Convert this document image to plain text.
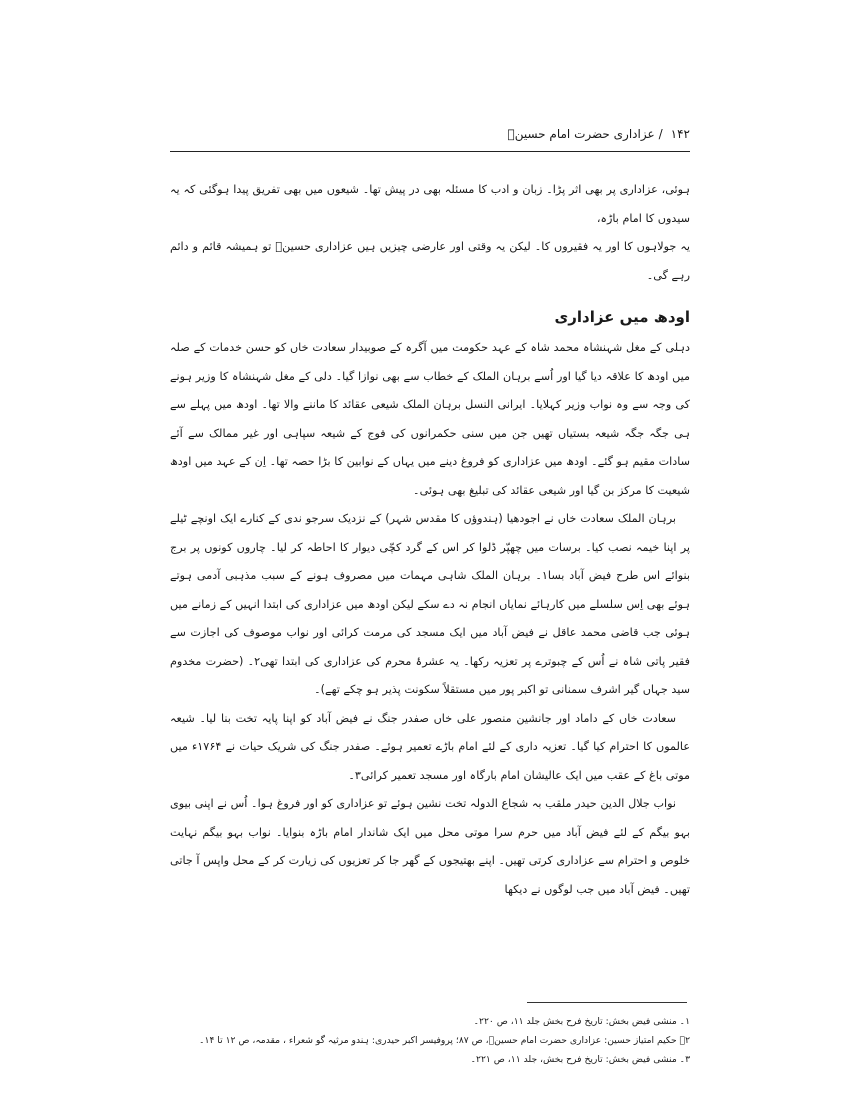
۱۴۲/عزاداری حضرت امام حسینؑ

ہوئی، عزاداری پر بھی اثر پڑا۔ زبان و ادب کا مسئلہ بھی در پیش تھا۔ شیعوں میں بھی تفریق پیدا ہوگئی کہ یہ سیدوں کا امام باڑہ،

یہ جولاہوں کا اور یہ فقیروں کا۔ لیکن یہ وقتی اور عارضی چیزیں ہیں عزاداری حسینؑ تو ہمیشہ قائم و دائم رہے گی۔

اودھ میں عزاداری

دہلی کے مغل شہنشاہ محمد شاہ کے عہد حکومت میں آگرہ کے صوبیدار سعادت خاں کو حسن خدمات کے صلہ میں اودھ کا علاقہ دیا گیا اور اُسے برہان الملک کے خطاب سے بھی نوازا گیا۔ دلی کے مغل شہنشاہ کا وزیر ہونے کی وجہ سے وہ نواب وزیر کہلایا۔ ایرانی النسل برہان الملک شیعی عقائد کا ماننے والا تھا۔ اودھ میں پہلے سے ہی جگہ جگہ شیعہ بستیاں تھیں جن میں سنی حکمرانوں کی فوج کے شیعہ سپاہی اور غیر ممالک سے آئے سادات مقیم ہو گئے۔ اودھ میں عزاداری کو فروغ دینے میں یہاں کے نوابین کا بڑا حصہ تھا۔ اِن کے عہد میں اودھ شیعیت کا مرکز بن گیا اور شیعی عقائد کی تبلیغ بھی ہوئی۔

برہان الملک سعادت خاں نے اجودھیا (ہندوؤں کا مقدس شہر) کے نزدیک سرجو ندی کے کنارے ایک اونچے ٹیلے پر اپنا خیمہ نصب کیا۔ برسات میں چھپّر ڈلوا کر اس کے گرد کچّی دیوار کا احاطہ کر لیا۔ چاروں کونوں پر برج بنوائے اس طرح فیض آباد بسا۱۔ برہان الملک شاہی مہمات میں مصروف ہونے کے سبب مذہبی آدمی ہوتے ہوئے بھی اِس سلسلے میں کارہائے نمایاں انجام نہ دے سکے لیکن اودھ میں عزاداری کی ابتدا انہیں کے زمانے میں ہوئی جب قاضی محمد عاقل نے فیض آباد میں ایک مسجد کی مرمت کرائی اور نواب موصوف کی اجازت سے فقیر پاتی شاہ نے اُس کے چبوترے پر تعزیہ رکھا۔ یہ عشرۂ محرم کی عزاداری کی ابتدا تھی۲۔ (حضرت مخدوم سید جہاں گیر اشرف سمنانی تو اکبر پور میں مستقلاً سکونت پذیر ہو چکے تھے)۔

سعادت خاں کے داماد اور جانشین منصور علی خاں صفدر جنگ نے فیض آباد کو اپنا پایہ تخت بنا لیا۔ شیعہ عالموں کا احترام کیا گیا۔ تعزیہ داری کے لئے امام باڑے تعمیر ہوئے۔ صفدر جنگ کی شریک حیات نے ۱۷۶۴ء میں موتی باغ کے عقب میں ایک عالیشان امام بارگاہ اور مسجد تعمیر کرائی۳۔

نواب جلال الدین حیدر ملقب بہ شجاع الدولہ تخت نشین ہوئے تو عزاداری کو اور فروغ ہوا۔ اُس نے اپنی بیوی بہو بیگم کے لئے فیض آباد میں حرم سرا موتی محل میں ایک شاندار امام باڑہ بنوایا۔ نواب بہو بیگم نہایت خلوص و احترام سے عزاداری کرتی تھیں۔ اپنے بھتیجوں کے گھر جا کر تعزیوں کی زیارت کر کے محل واپس آ جاتی تھیں۔ فیض آباد میں جب لوگوں نے دیکھا

۱۔ منشی فیض بخش: تاریخ فرح بخش جلد ۱۱، ص ۲۲۰۔
۲۔ حکیم امتیاز حسین: عزاداری حضرت امام حسینؑ، ص ۸۷؛ پروفیسر اکبر حیدری: ہندو مرثیہ گو شعراء ، مقدمہ، ص ۱۲ تا ۱۴۔
۳۔ منشی فیض بخش: تاریخ فرح بخش، جلد ۱۱، ص ۲۲۱۔
